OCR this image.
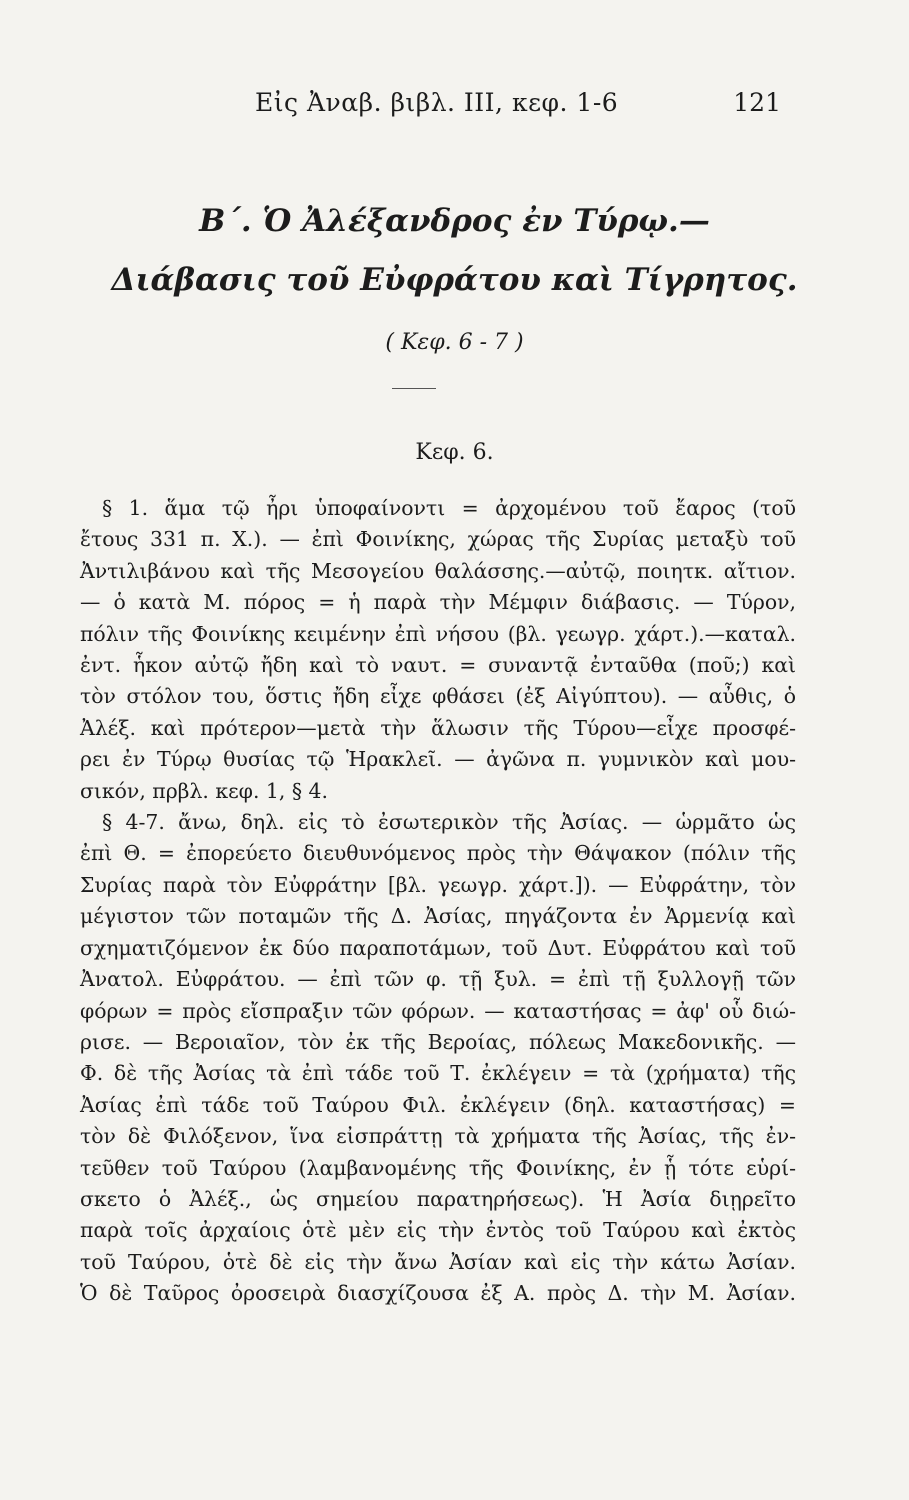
Εἰς Ἀναβ. βιβλ. III, κεφ. 1-6	121
Β΄. Ὁ Ἀλέξανδρος ἐν Τύρῳ.—
Διάβασις τοῦ Εὐφράτου καὶ Τίγρητος.
( Κεφ. 6 - 7 )
Κεφ. 6.
§ 1. ἅμα τῷ ἦρι ὑποφαίνοντι = ἀρχομένου τοῦ ἔαρος (τοῦ
ἔτους 331 π. Χ.). — ἐπὶ Φοινίκης, χώρας τῆς Συρίας μεταξὺ τοῦ
Ἀντιλιβάνου καὶ τῆς Μεσογείου θαλάσσης.—αὐτῷ, ποιητκ. αἴτιον.
— ὁ κατὰ Μ. πόρος = ἡ παρὰ τὴν Μέμφιν διάβασις. — Τύρον,
πόλιν τῆς Φοινίκης κειμένην ἐπὶ νήσου (βλ. γεωγρ. χάρτ.).—καταλ.
ἐντ. ἧκον αὐτῷ ἤδη καὶ τὸ ναυτ. = συναντᾷ ἐνταῦθα (ποῦ;) καὶ
τὸν στόλον του, ὅστις ἤδη εἶχε φθάσει (ἐξ Αἰγύπτου). — αὖθις, ὁ
Ἀλέξ. καὶ πρότερον—μετὰ τὴν ἅλωσιν τῆς Τύρου—εἶχε προσφέ-
ρει ἐν Τύρῳ θυσίας τῷ Ἡρακλεῖ. — ἀγῶνα π. γυμνικὸν καὶ μου-
σικόν, πρβλ. κεφ. 1, § 4.
§ 4-7. ἄνω, δηλ. εἰς τὸ ἐσωτερικὸν τῆς Ἀσίας. — ὡρμᾶτο ὡς
ἐπὶ Θ. = ἐπορεύετο διευθυνόμενος πρὸς τὴν Θάψακον (πόλιν τῆς
Συρίας παρὰ τὸν Εὐφράτην [βλ. γεωγρ. χάρτ.]). — Εὐφράτην, τὸν
μέγιστον τῶν ποταμῶν τῆς Δ. Ἀσίας, πηγάζοντα ἐν Ἀρμενίᾳ καὶ
σχηματιζόμενον ἐκ δύο παραποτάμων, τοῦ Δυτ. Εὐφράτου καὶ τοῦ
Ἀνατολ. Εὐφράτου. — ἐπὶ τῶν φ. τῇ ξυλ. = ἐπὶ τῇ ξυλλογῇ τῶν
φόρων = πρὸς εἴσπραξιν τῶν φόρων. — καταστήσας = ἀφ' οὗ διώ-
ρισε. — Βεροιαῖον, τὸν ἐκ τῆς Βεροίας, πόλεως Μακεδονικῆς. —
Φ. δὲ τῆς Ἀσίας τὰ ἐπὶ τάδε τοῦ Τ. ἐκλέγειν = τὰ (χρήματα) τῆς
Ἀσίας ἐπὶ τάδε τοῦ Ταύρου Φιλ. ἐκλέγειν (δηλ. καταστήσας) =
τὸν δὲ Φιλόξενον, ἵνα εἰσπράττῃ τὰ χρήματα τῆς Ἀσίας, τῆς ἐν-
τεῦθεν τοῦ Ταύρου (λαμβανομένης τῆς Φοινίκης, ἐν ᾗ τότε εὑρί-
σκετο ὁ Ἀλέξ., ὡς σημείου παρατηρήσεως). Ἡ Ἀσία διῃρεῖτο
παρὰ τοῖς ἀρχαίοις ὁτὲ μὲν εἰς τὴν ἐντὸς τοῦ Ταύρου καὶ ἐκτὸς
τοῦ Ταύρου, ὁτὲ δὲ εἰς τὴν ἄνω Ἀσίαν καὶ εἰς τὴν κάτω Ἀσίαν.
Ὁ δὲ Ταῦρος ὀροσειρὰ διασχίζουσα ἐξ Α. πρὸς Δ. τὴν Μ. Ἀσίαν.
